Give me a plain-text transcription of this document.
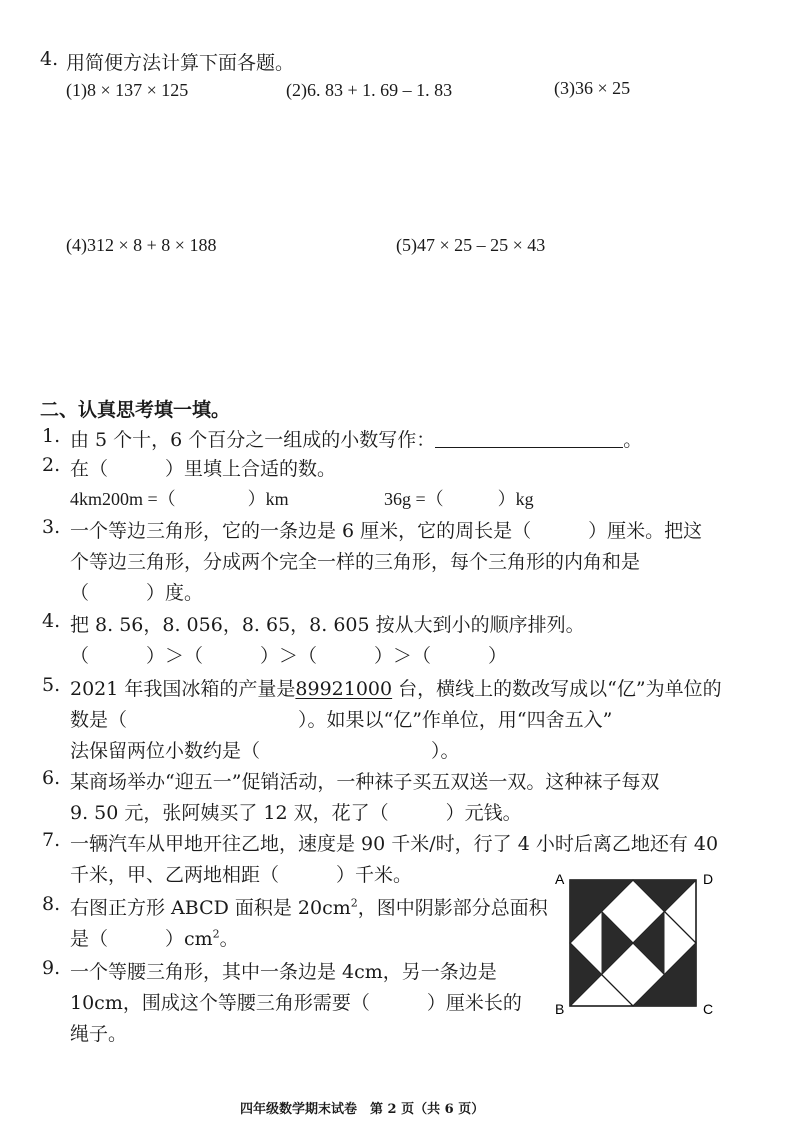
4. 用简便方法计算下面各题。
(1)8 × 137 × 125	(2)6. 83 + 1. 69 – 1. 83	(3)36 × 25
(4)312 × 8 + 8 × 188	(5)47 × 25 – 25 × 43
二、认真思考填一填。
1. 由 5 个十，6 个百分之一组成的小数写作：	。
2. 在（　　　）里填上合适的数。
4km200m =（　　　　）km	36g =（　　　）kg
3. 一个等边三角形，它的一条边是 6 厘米，它的周长是（　　　）厘米。把这
个等边三角形，分成两个完全一样的三角形，每个三角形的内角和是
（　　　）度。
4. 把 8. 56，8. 056，8. 65，8. 605 按从大到小的顺序排列。
（　　　）＞（　　　）＞（　　　）＞（　　　）
5. 2021 年我国冰箱的产量是89921000 台，横线上的数改写成以“亿”为单位的
数是（　　　　　　　　　）。如果以“亿”作单位，用“四舍五入”
法保留两位小数约是（　　　　　　　　　）。
6. 某商场举办“迎五一”促销活动，一种袜子买五双送一双。这种袜子每双
9. 50 元，张阿姨买了 12 双，花了（　　　）元钱。
7. 一辆汽车从甲地开往乙地，速度是 90 千米/时，行了 4 小时后离乙地还有 40
千米，甲、乙两地相距（　　　）千米。
8. 右图正方形 ABCD 面积是 $20cm^2$，图中阴影部分总面积
是（　　　）$cm^2$。
9. 一个等腰三角形，其中一条边是 4cm，另一条边是
10cm，围成这个等腰三角形需要（　　　）厘米长的
绳子。
A	D
B	C
四年级数学期末试卷　第 2 页（共 6 页）
